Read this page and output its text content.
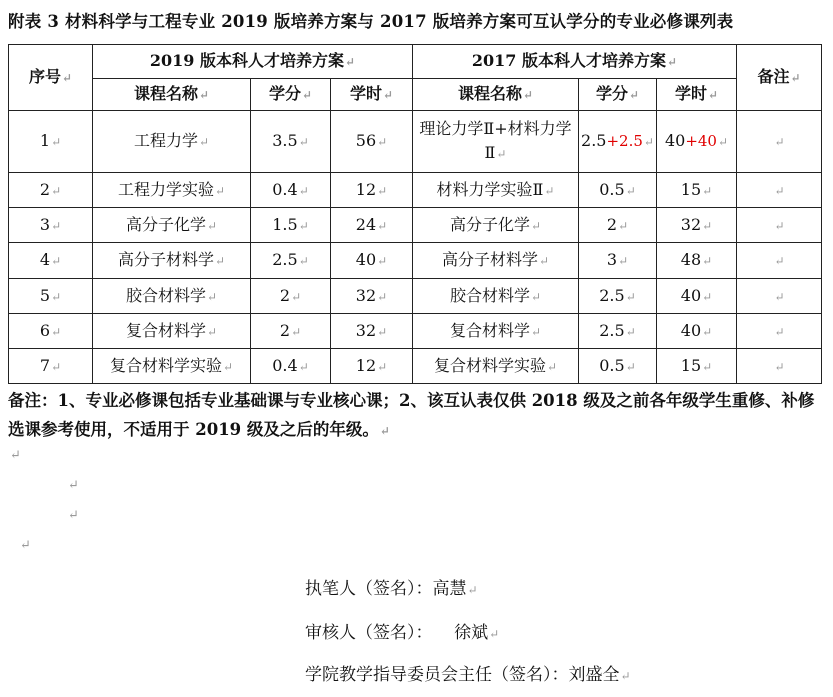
附表 3 材料科学与工程专业 2019 版培养方案与 2017 版培养方案可互认学分的专业必修课列表
序号↵	2019 版本科人才培养方案↵			2017 版本科人才培养方案↵			备注↵
	课程名称↵	学分↵	学时↵	课程名称↵	学分↵	学时↵	
1↵	工程力学↵	3.5↵	56↵	理论力学Ⅱ+材料力学Ⅱ↵	2.5+2.5↵	40+40↵	↵
2↵	工程力学实验↵	0.4↵	12↵	材料力学实验Ⅱ↵	0.5↵	15↵	↵
3↵	高分子化学↵	1.5↵	24↵	高分子化学↵	2↵	32↵	↵
4↵	高分子材料学↵	2.5↵	40↵	高分子材料学↵	3↵	48↵	↵
5↵	胶合材料学↵	2↵	32↵	胶合材料学↵	2.5↵	40↵	↵
6↵	复合材料学↵	2↵	32↵	复合材料学↵	2.5↵	40↵	↵
7↵	复合材料学实验↵	0.4↵	12↵	复合材料学实验↵	0.5↵	15↵	↵
备注：1、专业必修课包括专业基础课与专业核心课；2、该互认表仅供 2018 级及之前各年级学生重修、补修选课参考使用，不适用于 2019 级及之后的年级。↵
↵
↵
↵
↵
执笔人（签名）：高慧↵
审核人（签名）：    徐斌↵
学院教学指导委员会主任（签名）：刘盛全↵
